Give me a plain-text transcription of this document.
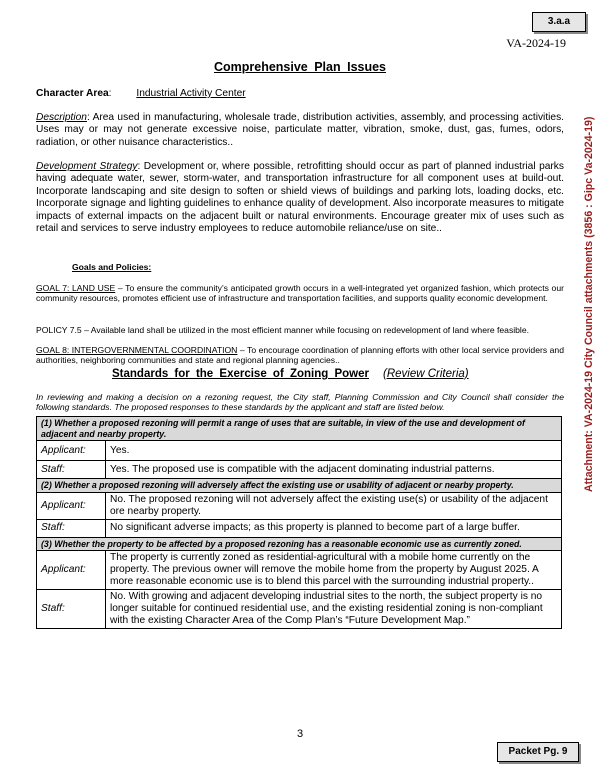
3.a.a
VA-2024-19
Comprehensive Plan Issues
Character Area: Industrial Activity Center
Description: Area used in manufacturing, wholesale trade, distribution activities, assembly, and processing activities. Uses may or may not generate excessive noise, particulate matter, vibration, smoke, dust, gas, fumes, odors, radiation, or other nuisance characteristics..
Development Strategy: Development or, where possible, retrofitting should occur as part of planned industrial parks having adequate water, sewer, storm-water, and transportation infrastructure for all component uses at build-out. Incorporate landscaping and site design to soften or shield views of buildings and parking lots, loading docks, etc. Incorporate signage and lighting guidelines to enhance quality of development. Also incorporate measures to mitigate impacts of external impacts on the adjacent built or natural environments. Encourage greater mix of uses such as retail and services to serve industry employees to reduce automobile reliance/use on site..
Goals and Policies:
GOAL 7: LAND USE – To ensure the community’s anticipated growth occurs in a well-integrated yet organized fashion, which protects our community resources, promotes efficient use of infrastructure and transportation facilities, and supports quality economic development.
POLICY 7.5 – Available land shall be utilized in the most efficient manner while focusing on redevelopment of land where feasible.
GOAL 8: INTERGOVERNMENTAL COORDINATION – To encourage coordination of planning efforts with other local service providers and authorities, neighboring communities and state and regional planning agencies..
Standards for the Exercise of Zoning Power (Review Criteria)
In reviewing and making a decision on a rezoning request, the City staff, Planning Commission and City Council shall consider the following standards. The proposed responses to these standards by the applicant and staff are listed below.
(1) Whether a proposed rezoning will permit a range of uses that are suitable, in view of the use and development of adjacent and nearby property.	
Applicant:	Yes.
Staff:	Yes. The proposed use is compatible with the adjacent dominating industrial patterns.
(2) Whether a proposed rezoning will adversely affect the existing use or usability of adjacent or nearby property.	
Applicant:	No. The proposed rezoning will not adversely affect the existing use(s) or usability of the adjacent ore nearby property.
Staff:	No significant adverse impacts; as this property is planned to become part of a large buffer.
(3) Whether the property to be affected by a proposed rezoning has a reasonable economic use as currently zoned.	
Applicant:	The property is currently zoned as residential-agricultural with a mobile home currently on the property. The previous owner will remove the mobile home from the property by August 2025. A more reasonable economic use is to blend this parcel with the surrounding industrial property..
Staff:	No. With growing and adjacent developing industrial sites to the north, the subject property is no longer suitable for continued residential use, and the existing residential zoning is non-compliant with the existing Character Area of the Comp Plan’s “Future Development Map.”
Attachment: VA-2024-19 City Council attachments (3856 : Gipc Va-2024-19)
3
Packet Pg. 9
